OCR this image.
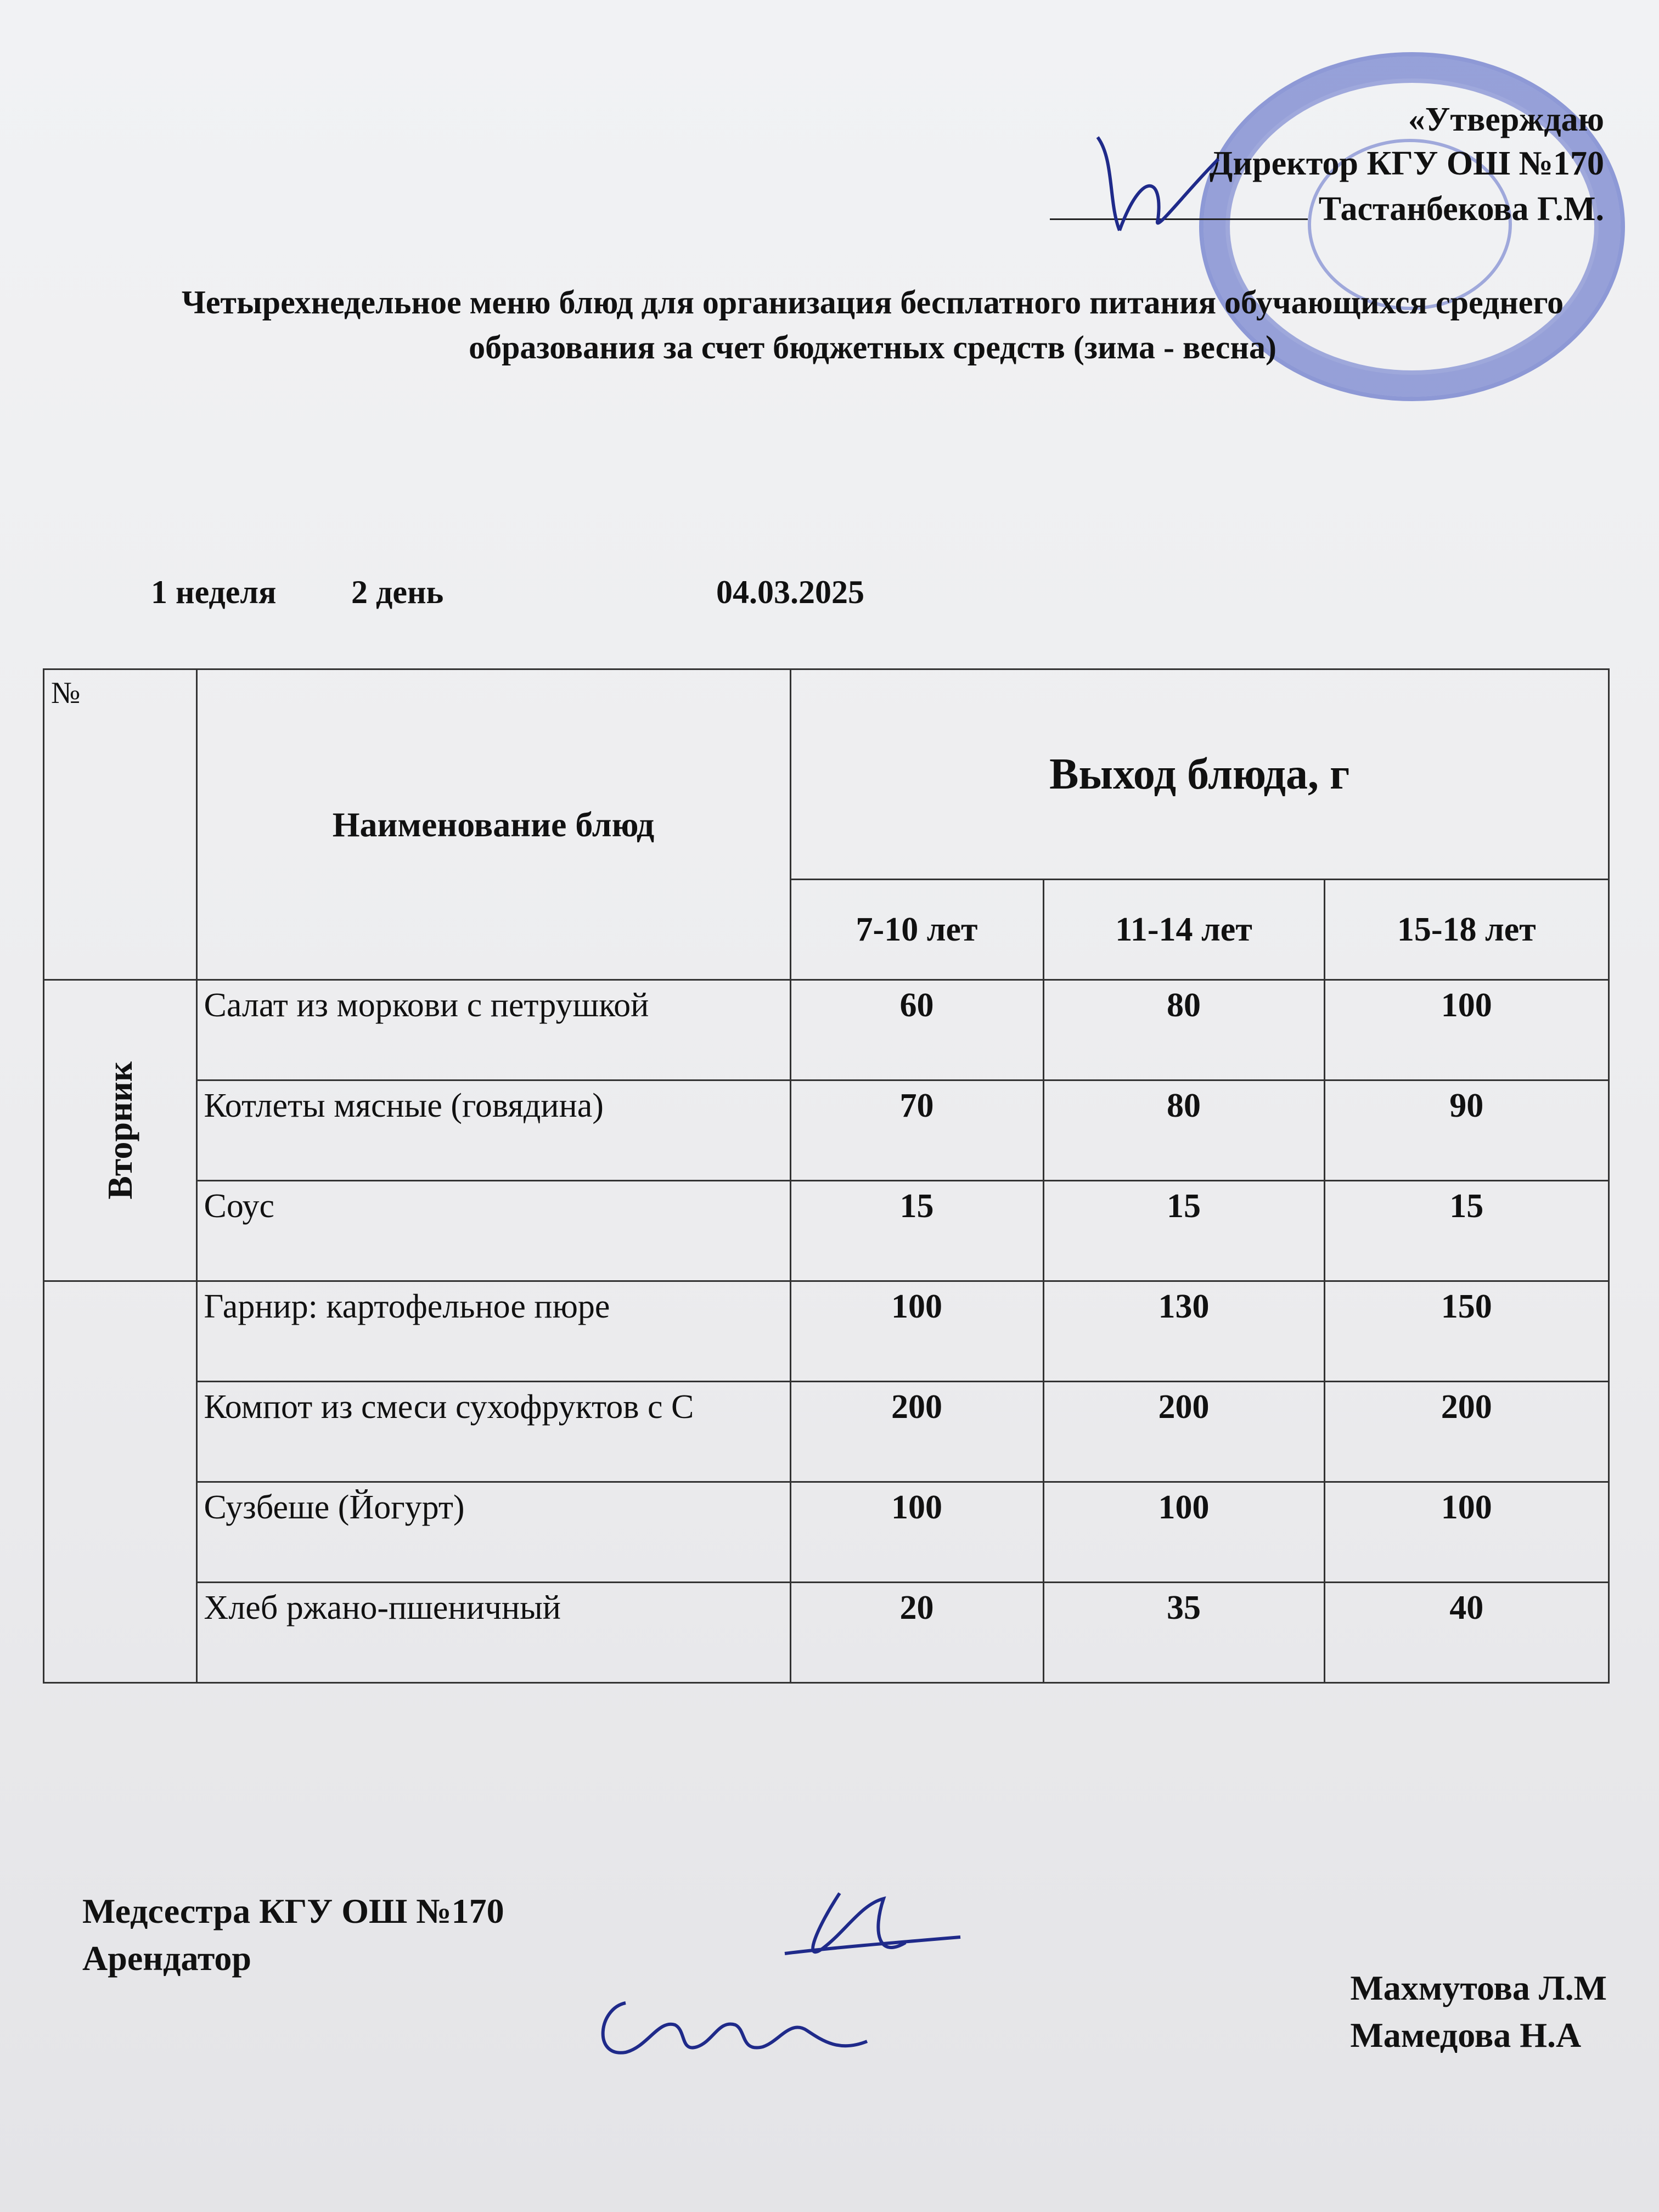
«Утверждаю
Директор КГУ ОШ №170
Тастанбекова Г.М.
Четырехнедельное меню блюд для организация бесплатного питания обучающихся среднего образования за счет бюджетных средств (зима - весна)
1 неделя 2 день	04.03.2025
№	Наименование блюд	Выход блюда, г		
		7-10 лет	11-14 лет	15-18 лет
Вторник	Салат из моркови с петрушкой	60	80	100
	Котлеты мясные (говядина)	70	80	90
	Соус	15	15	15
	Гарнир: картофельное пюре	100	130	150
	Компот из смеси сухофруктов с С	200	200	200
	Сузбеше (Йогурт)	100	100	100
	Хлеб ржано-пшеничный	20	35	40
Медсестра КГУ ОШ №170
Арендатор
Махмутова Л.М
Мамедова Н.А
